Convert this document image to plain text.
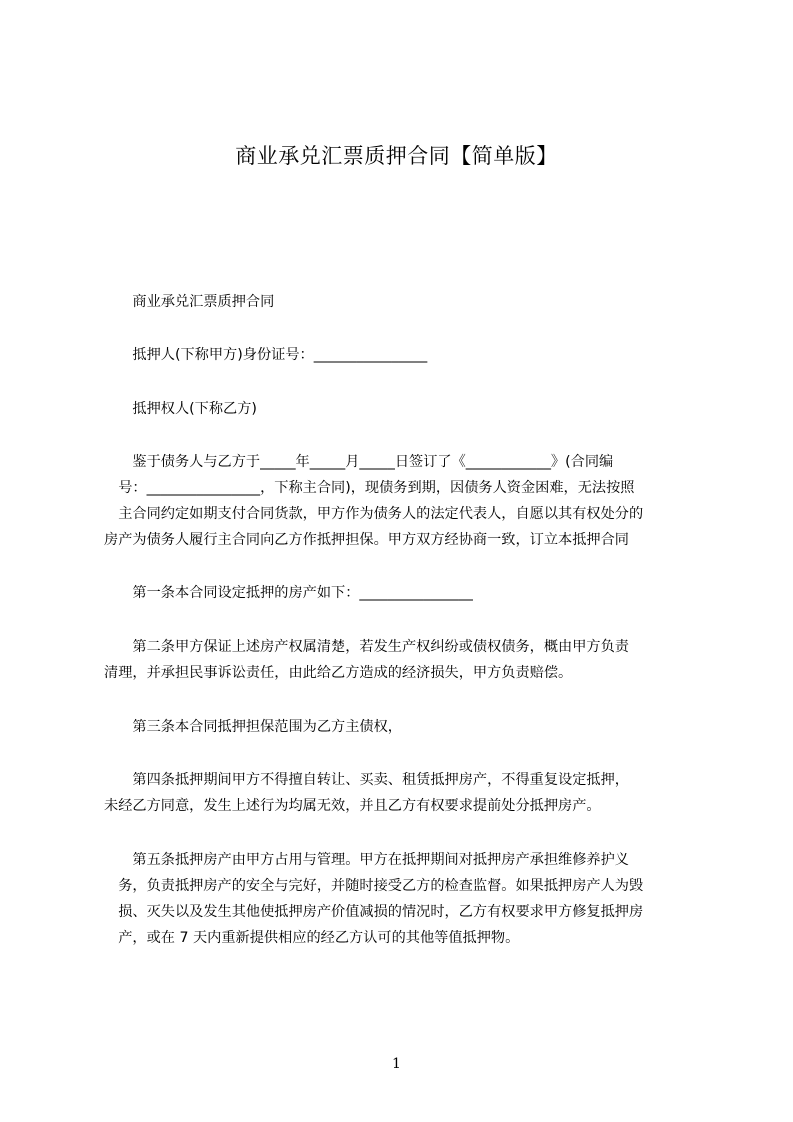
商业承兑汇票质押合同【简单版】

　　商业承兑汇票质押合同

　　抵押人(下称甲方)身份证号：________________

　　抵押权人(下称乙方)

　　鉴于债务人与乙方于_____年_____月_____日签订了《____________》(合同编
　号：________________，下称主合同)，现债务到期，因债务人资金困难，无法按照
　主合同约定如期支付合同货款，甲方作为债务人的法定代表人，自愿以其有权处分的
房产为债务人履行主合同向乙方作抵押担保。甲方双方经协商一致，订立本抵押合同

　　第一条本合同设定抵押的房产如下：________________

　　第二条甲方保证上述房产权属清楚，若发生产权纠纷或债权债务，概由甲方负责
清理，并承担民事诉讼责任，由此给乙方造成的经济损失，甲方负责赔偿。

　　第三条本合同抵押担保范围为乙方主债权，

　　第四条抵押期间甲方不得擅自转让、买卖、租赁抵押房产，不得重复设定抵押，
未经乙方同意，发生上述行为均属无效，并且乙方有权要求提前处分抵押房产。

　　第五条抵押房产由甲方占用与管理。甲方在抵押期间对抵押房产承担维修养护义
　务，负责抵押房产的安全与完好，并随时接受乙方的检查监督。如果抵押房产人为毁
　损、灭失以及发生其他使抵押房产价值减损的情况时，乙方有权要求甲方修复抵押房
　产，或在 7 天内重新提供相应的经乙方认可的其他等值抵押物。

1
